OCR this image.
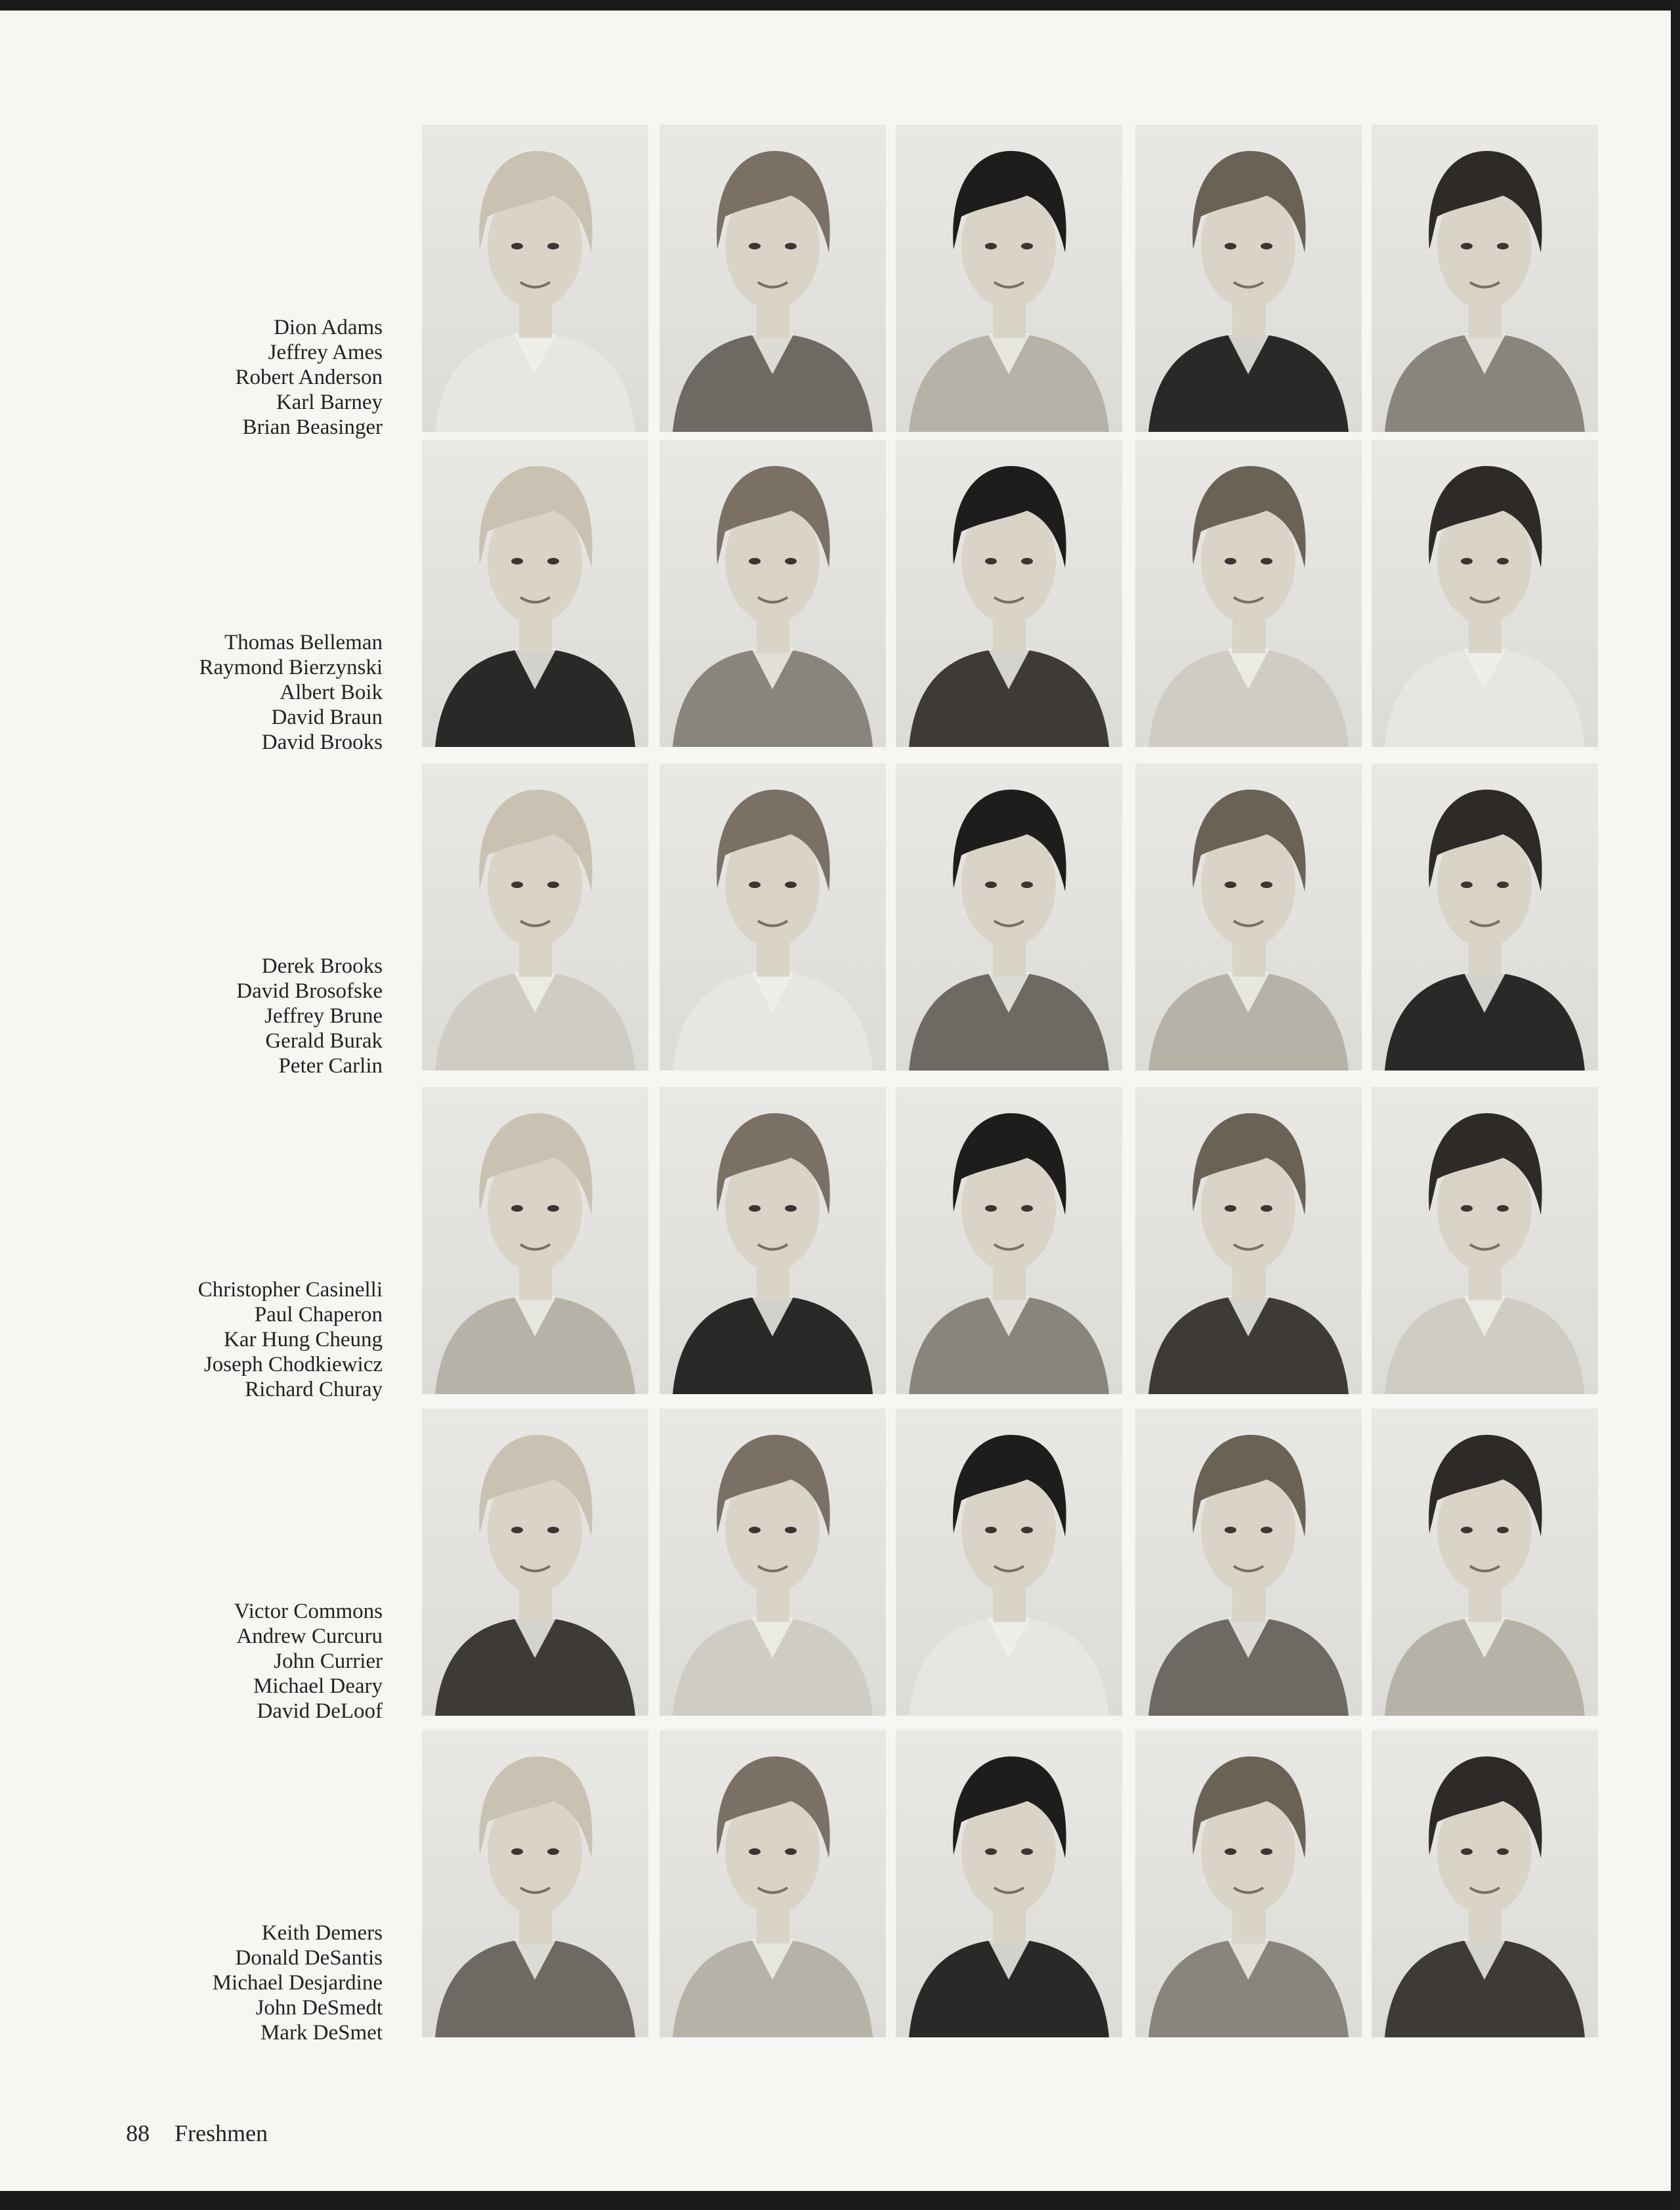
Dion Adams
Jeffrey Ames
Robert Anderson
Karl Barney
Brian Beasinger
Thomas Belleman
Raymond Bierzynski
Albert Boik
David Braun
David Brooks
Derek Brooks
David Brosofske
Jeffrey Brune
Gerald Burak
Peter Carlin
Christopher Casinelli
Paul Chaperon
Kar Hung Cheung
Joseph Chodkiewicz
Richard Churay
Victor Commons
Andrew Curcuru
John Currier
Michael Deary
David DeLoof
Keith Demers
Donald DeSantis
Michael Desjardine
John DeSmedt
Mark DeSmet
88 Freshmen
